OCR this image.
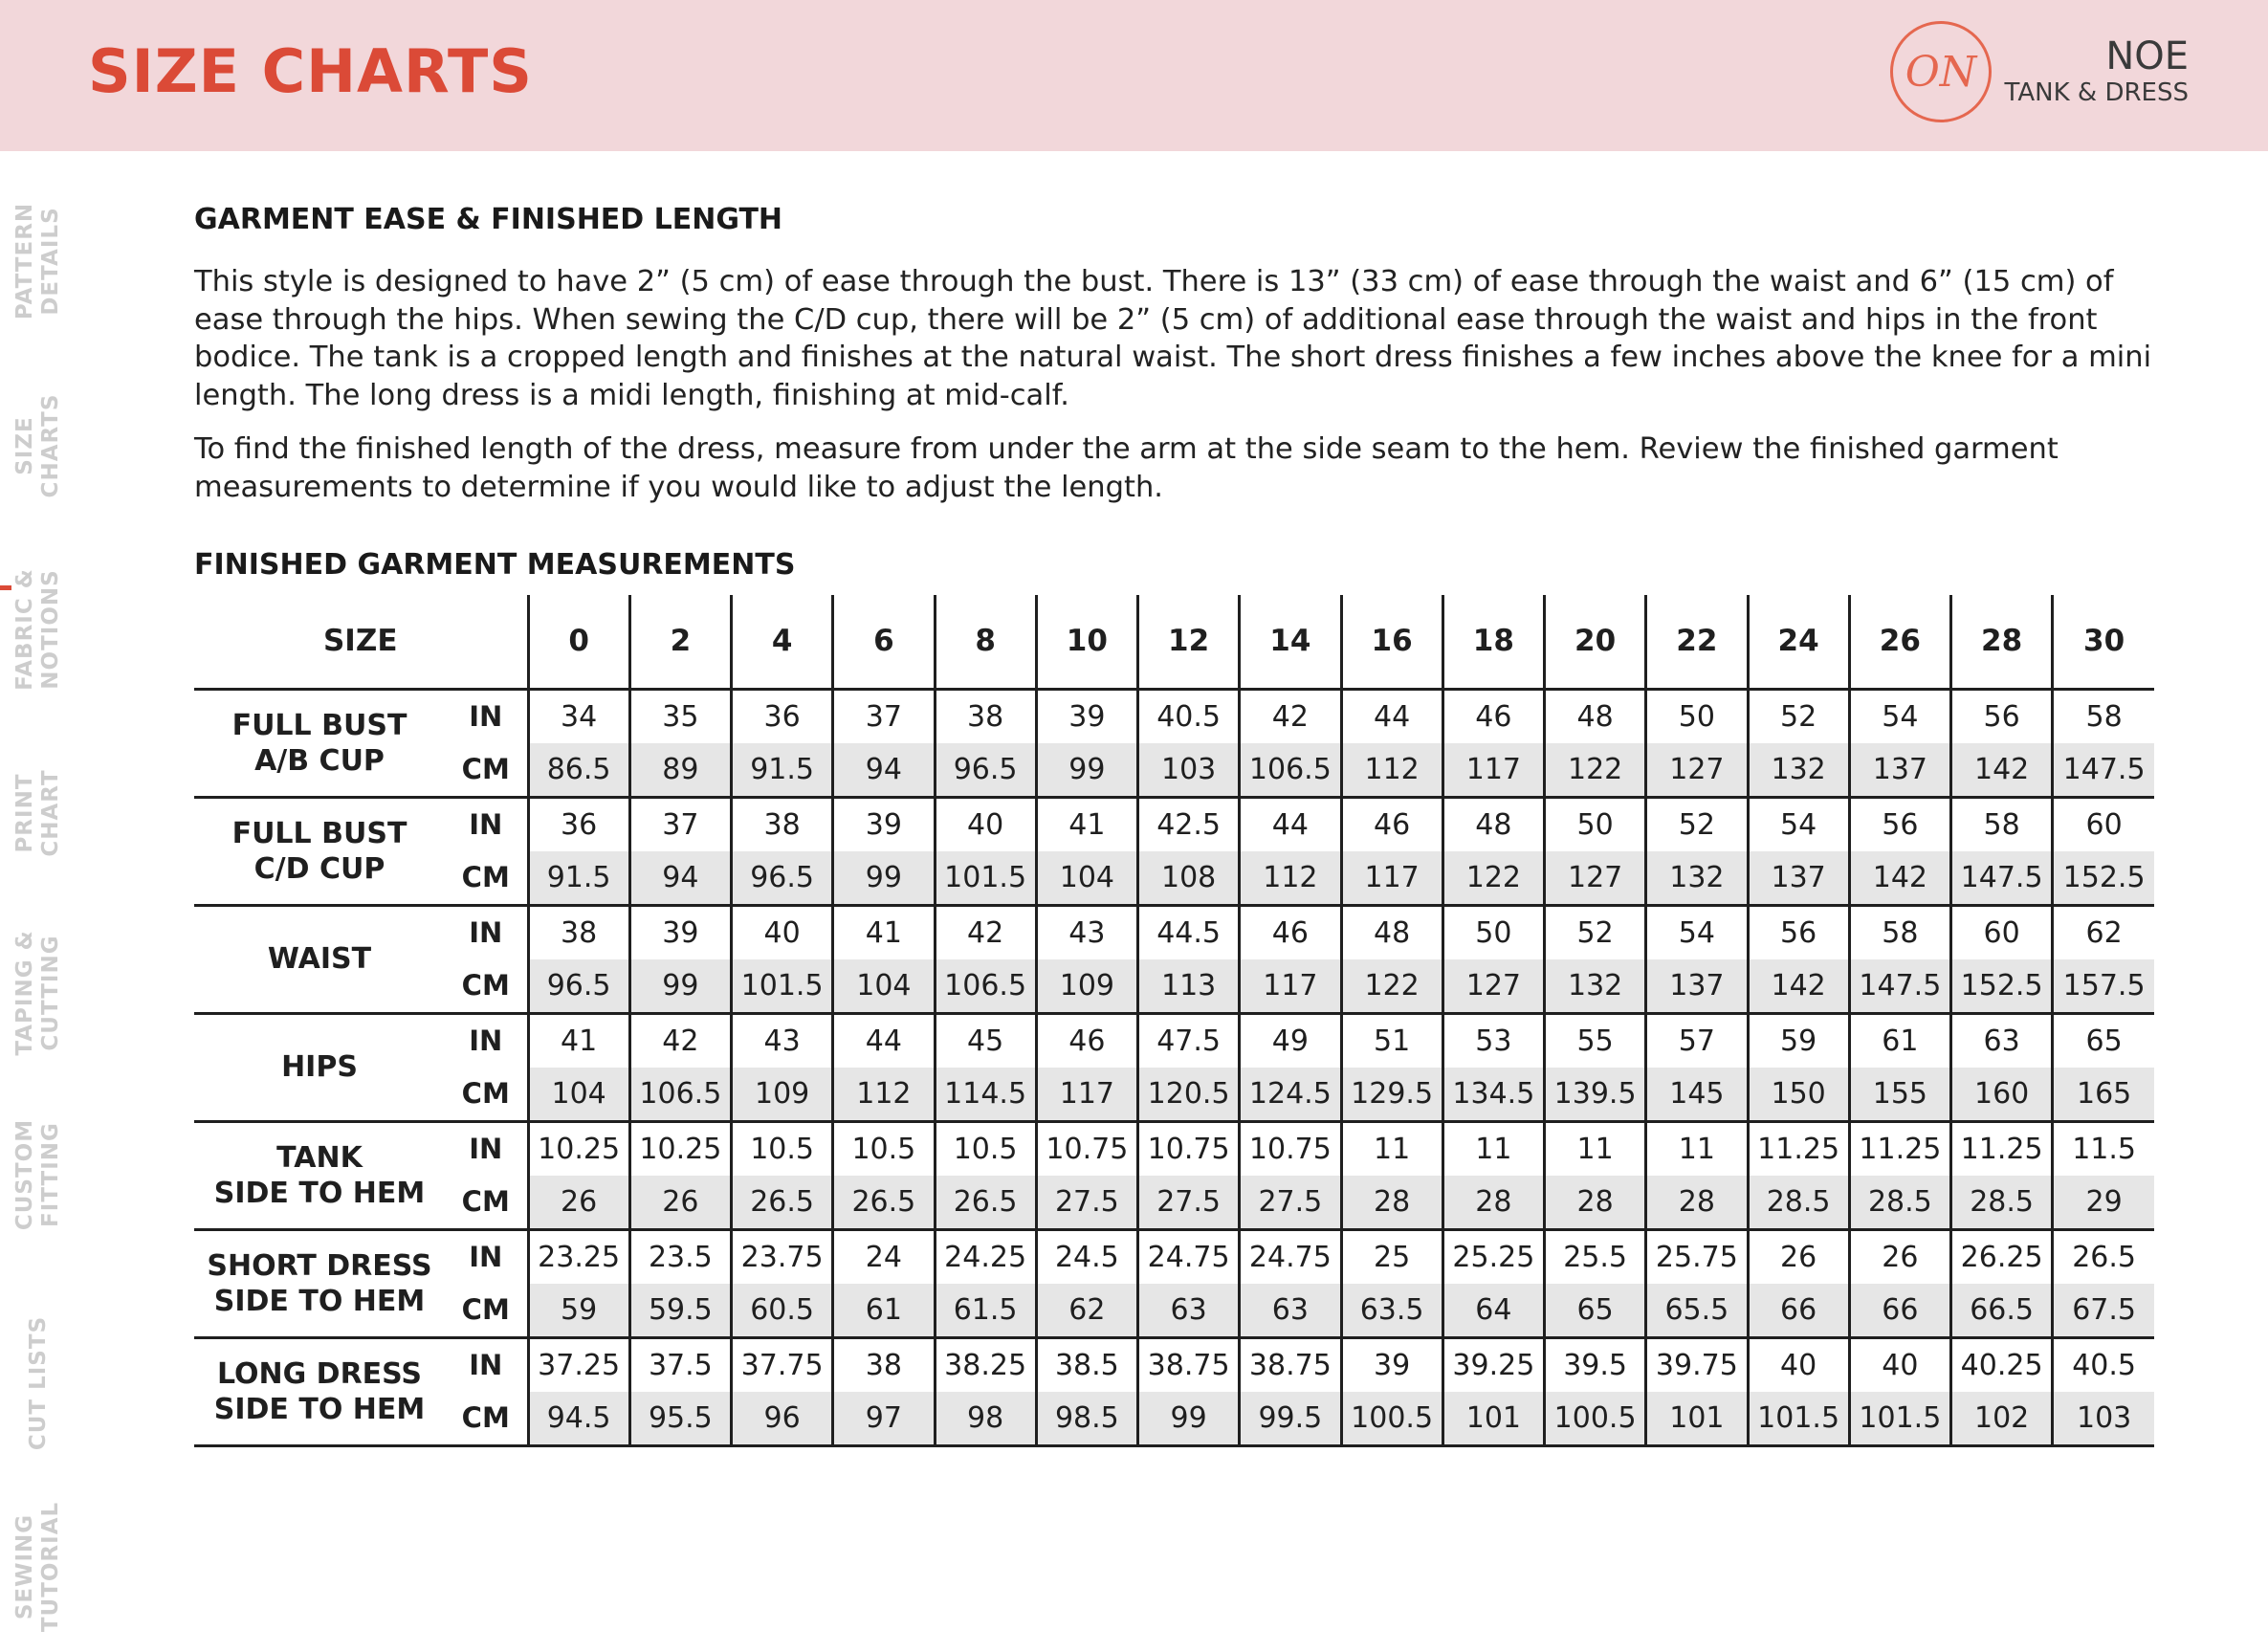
SIZE CHARTS	ON	NOE
TANK & DRESS
PATTERN DETAILS
SIZE CHARTS
FABRIC & NOTIONS
PRINT CHART
TAPING & CUTTING
CUSTOM FITTING
CUT LISTS
SEWING TUTORIAL
GARMENT EASE & FINISHED LENGTH

This style is designed to have 2” (5 cm) of ease through the bust. There is 13” (33 cm) of ease through the waist and 6” (15 cm) of ease through the hips. When sewing the C/D cup, there will be 2” (5 cm) of additional ease through the waist and hips in the front bodice. The tank is a cropped length and finishes at the natural waist. The short dress finishes a few inches above the knee for a mini length. The long dress is a midi length, finishing at mid-calf.

To find the finished length of the dress, measure from under the arm at the side seam to the hem. Review the finished garment measurements to determine if you would like to adjust the length.

FINISHED GARMENT MEASUREMENTS
SIZE		0	2	4	6	8	10	12	14	16	18	20	22	24	26	28	30

FULL BUST
A/B CUP	IN	34	35	36	37	38	39	40.5	42	44	46	48	50	52	54	56	58
	CM	86.5	89	91.5	94	96.5	99	103	106.5	112	117	122	127	132	137	142	147.5

FULL BUST
C/D CUP	IN	36	37	38	39	40	41	42.5	44	46	48	50	52	54	56	58	60
	CM	91.5	94	96.5	99	101.5	104	108	112	117	122	127	132	137	142	147.5	152.5

WAIST	IN	38	39	40	41	42	43	44.5	46	48	50	52	54	56	58	60	62
	CM	96.5	99	101.5	104	106.5	109	113	117	122	127	132	137	142	147.5	152.5	157.5

HIPS	IN	41	42	43	44	45	46	47.5	49	51	53	55	57	59	61	63	65
	CM	104	106.5	109	112	114.5	117	120.5	124.5	129.5	134.5	139.5	145	150	155	160	165

TANK
SIDE TO HEM	IN	10.25	10.25	10.5	10.5	10.5	10.75	10.75	10.75	11	11	11	11	11.25	11.25	11.25	11.5
	CM	26	26	26.5	26.5	26.5	27.5	27.5	27.5	28	28	28	28	28.5	28.5	28.5	29

SHORT DRESS
SIDE TO HEM	IN	23.25	23.5	23.75	24	24.25	24.5	24.75	24.75	25	25.25	25.5	25.75	26	26	26.25	26.5
	CM	59	59.5	60.5	61	61.5	62	63	63	63.5	64	65	65.5	66	66	66.5	67.5

LONG DRESS
SIDE TO HEM	IN	37.25	37.5	37.75	38	38.25	38.5	38.75	38.75	39	39.25	39.5	39.75	40	40	40.25	40.5
	CM	94.5	95.5	96	97	98	98.5	99	99.5	100.5	101	100.5	101	101.5	101.5	102	103
